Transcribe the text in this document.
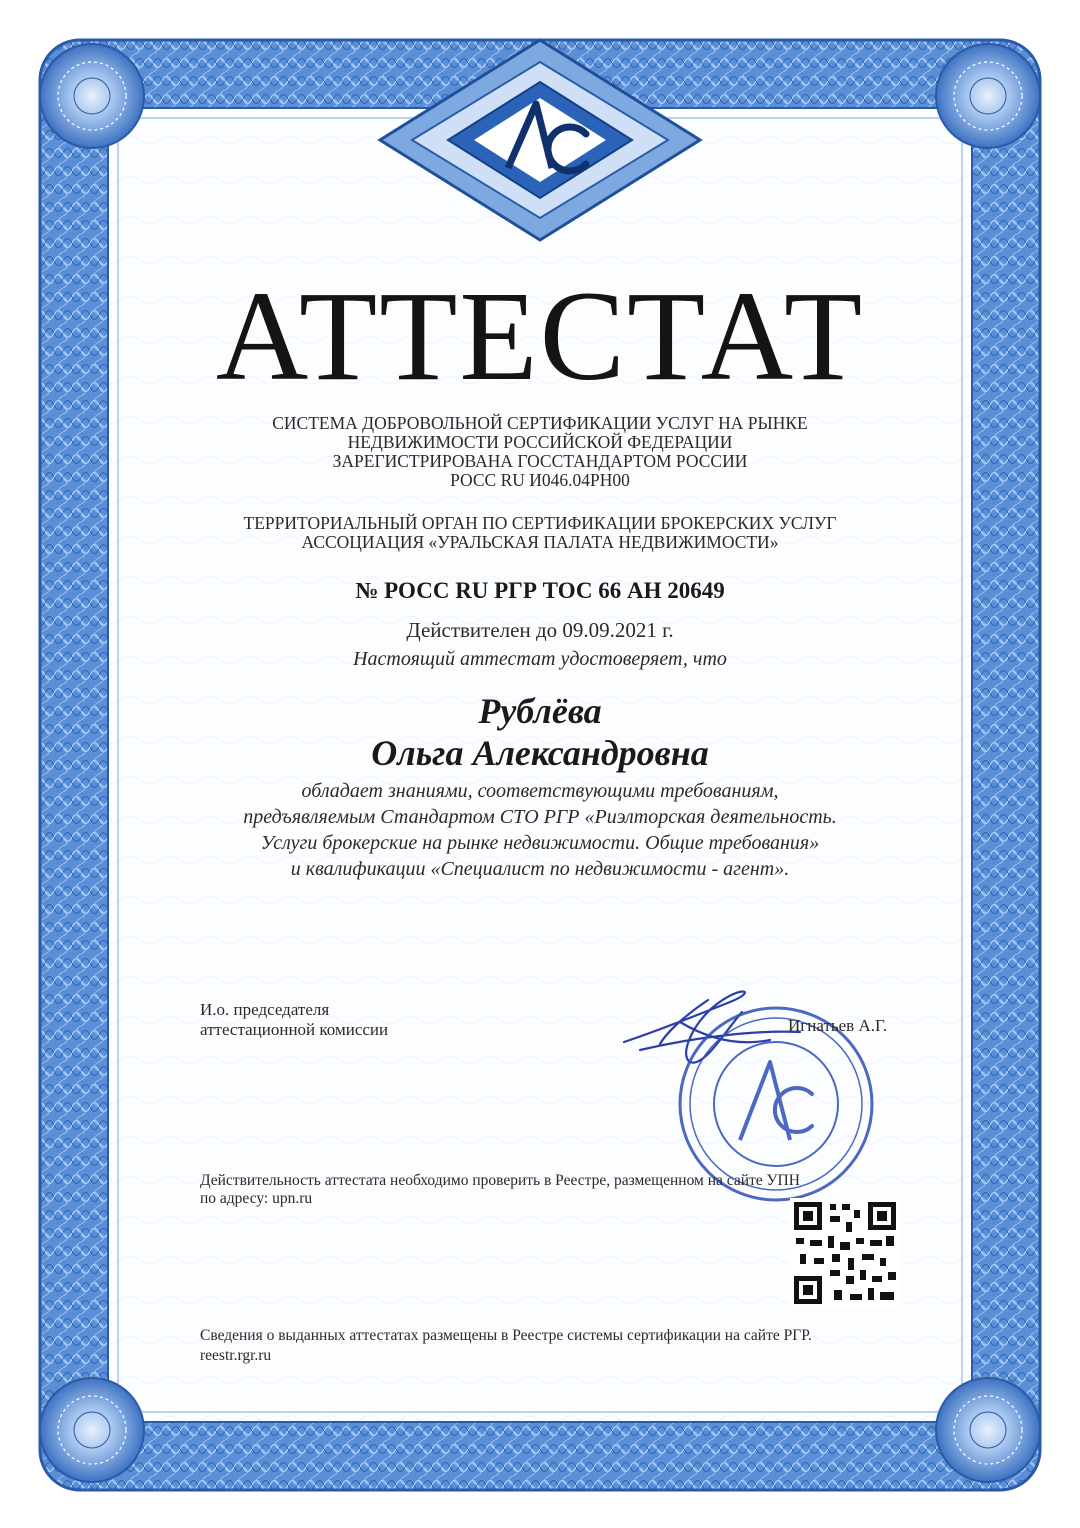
АТТЕСТАТ
СИСТЕМА ДОБРОВОЛЬНОЙ СЕРТИФИКАЦИИ УСЛУГ НА РЫНКЕ
НЕДВИЖИМОСТИ РОССИЙСКОЙ ФЕДЕРАЦИИ
ЗАРЕГИСТРИРОВАНА ГОССТАНДАРТОМ РОССИИ
РОСС RU И046.04РН00
ТЕРРИТОРИАЛЬНЫЙ ОРГАН ПО СЕРТИФИКАЦИИ БРОКЕРСКИХ УСЛУГ
АССОЦИАЦИЯ «УРАЛЬСКАЯ ПАЛАТА НЕДВИЖИМОСТИ»
№ РОСС RU РГР ТОС 66 АН 20649
Действителен до 09.09.2021 г.
Настоящий аттестат удостоверяет, что
Рублёва
Ольга Александровна
обладает знаниями, соответствующими требованиям,
предъявляемым Стандартом СТО РГР «Риэлторская деятельность.
Услуги брокерские на рынке недвижимости. Общие требования»
и квалификации «Специалист по недвижимости - агент».
И.о. председателя
аттестационной комиссии	Игнатьев А.Г.
Действительность аттестата необходимо проверить в Реестре, размещенном на сайте УПН
по адресу: upn.ru
Сведения о выданных аттестатах размещены в Реестре системы сертификации на сайте РГР.
reestr.rgr.ru
